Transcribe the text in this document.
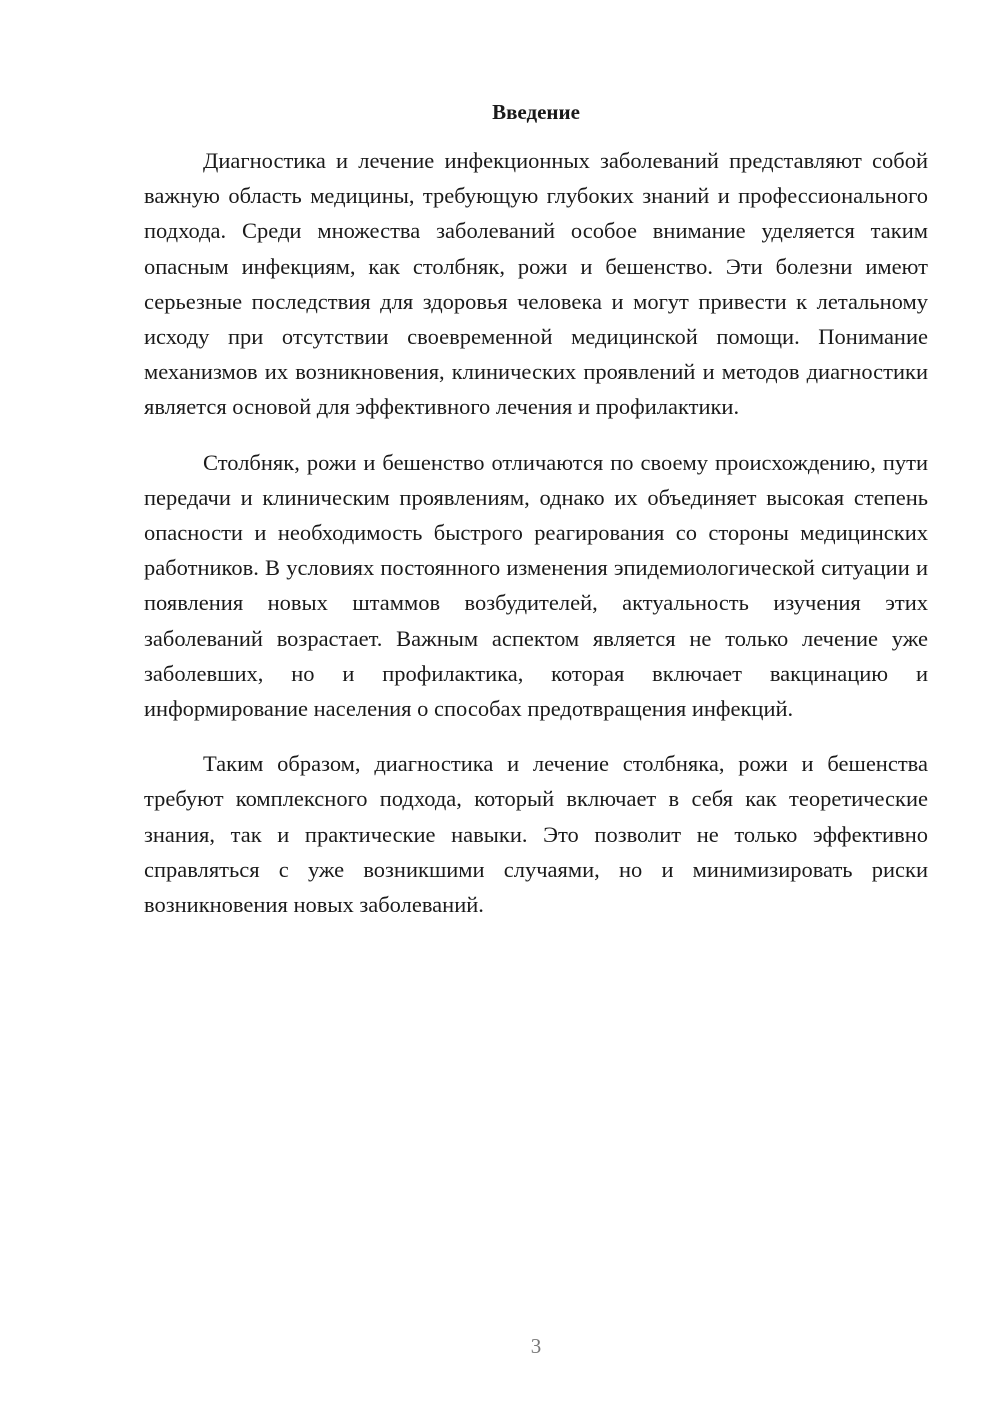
Введение

Диагностика и лечение инфекционных заболеваний представляют собой важную область медицины, требующую глубоких знаний и профессионального подхода. Среди множества заболеваний особое внимание уделяется таким опасным инфекциям, как столбняк, рожи и бешенство. Эти болезни имеют серьезные последствия для здоровья человека и могут привести к летальному исходу при отсутствии своевременной медицинской помощи. Понимание механизмов их возникновения, клинических проявлений и методов диагностики является основой для эффективного лечения и профилактики.

Столбняк, рожи и бешенство отличаются по своему происхождению, пути передачи и клиническим проявлениям, однако их объединяет высокая степень опасности и необходимость быстрого реагирования со стороны медицинских работников. В условиях постоянного изменения эпидемиологической ситуации и появления новых штаммов возбудителей, актуальность изучения этих заболеваний возрастает. Важным аспектом является не только лечение уже заболевших, но и профилактика, которая включает вакцинацию и информирование населения о способах предотвращения инфекций.

Таким образом, диагностика и лечение столбняка, рожи и бешенства требуют комплексного подхода, который включает в себя как теоретические знания, так и практические навыки. Это позволит не только эффективно справляться с уже возникшими случаями, но и минимизировать риски возникновения новых заболеваний.

3
